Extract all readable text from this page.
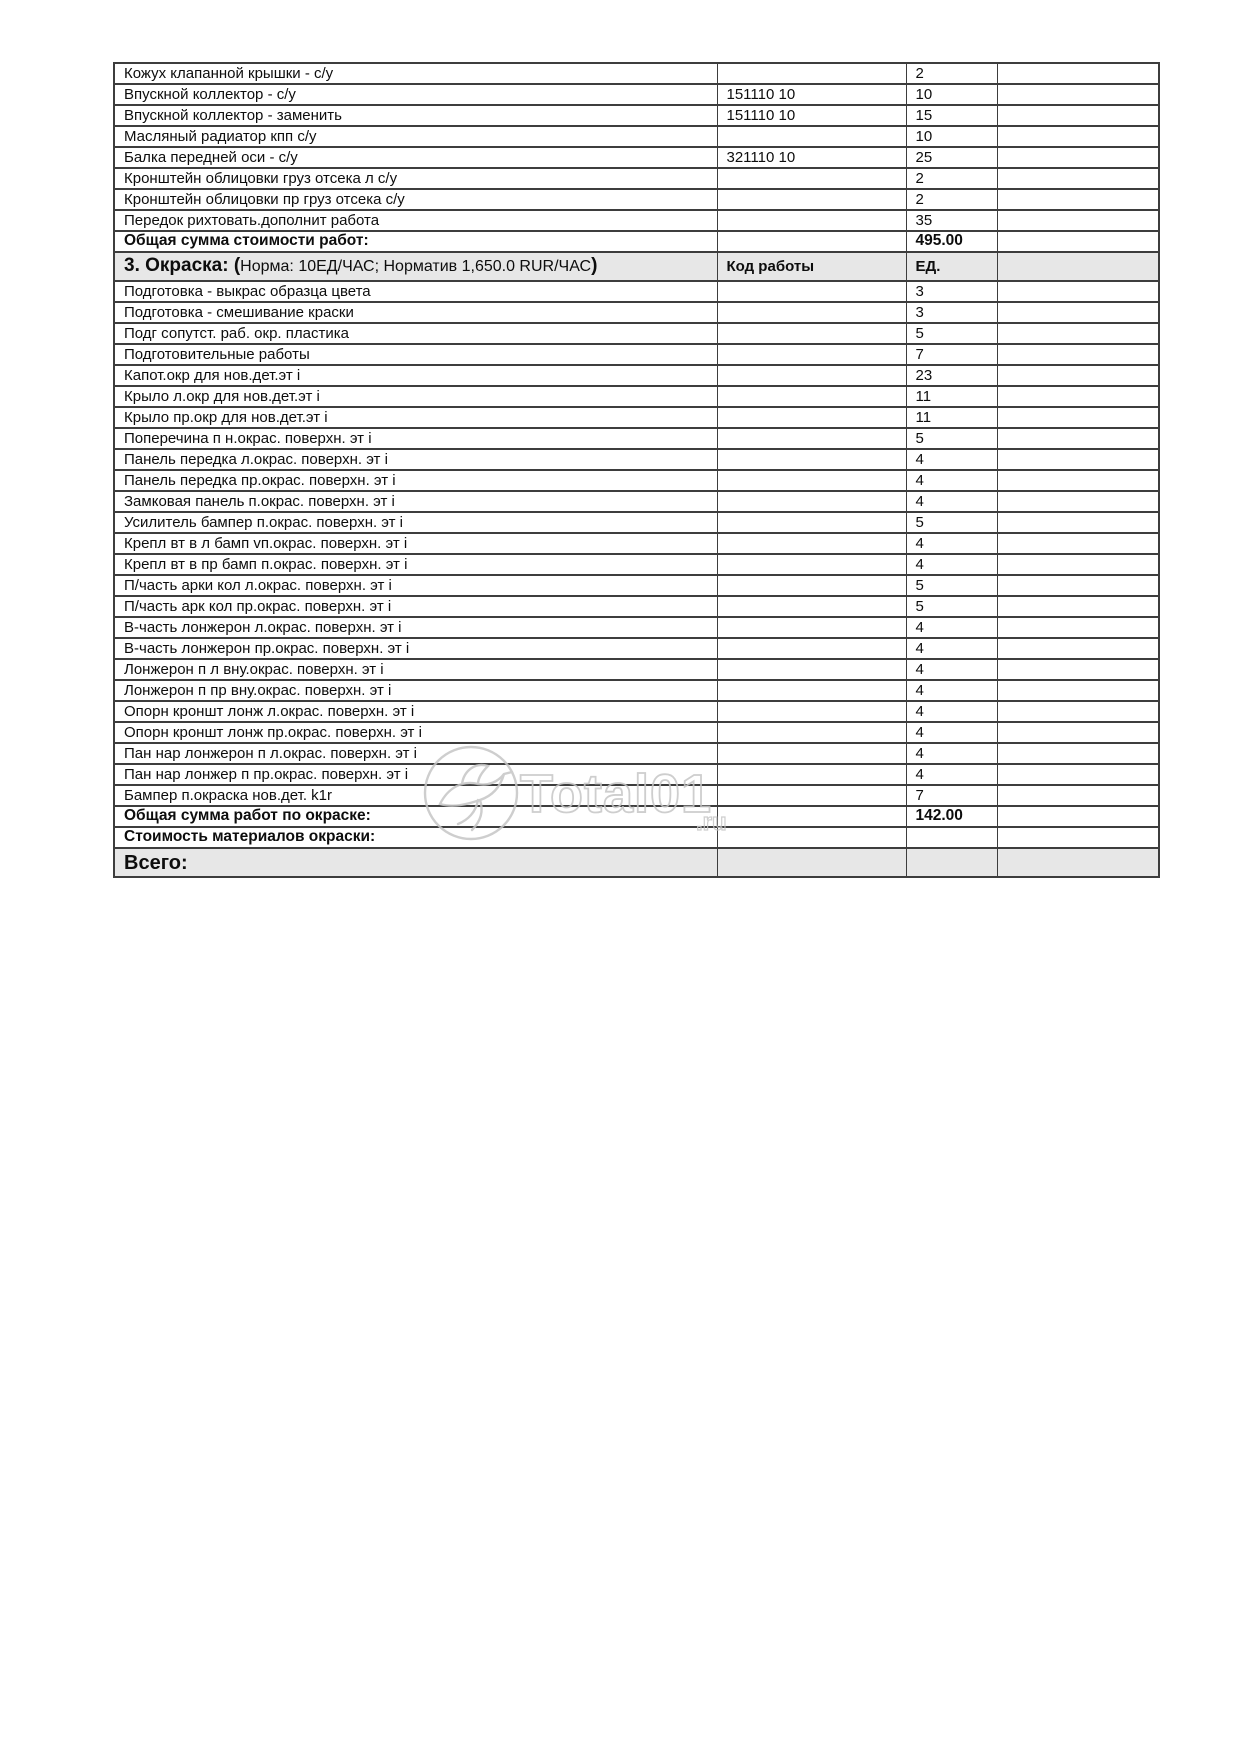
Кожух клапанной крышки - с/у		2	
Впускной коллектор - с/у	151110 10	10	
Впускной коллектор - заменить	151110 10	15	
Масляный радиатор кпп с/у		10	
Балка передней оси - с/у	321110 10	25	
Кронштейн облицовки груз отсека л с/у		2	
Кронштейн облицовки пр груз отсека с/у		2	
Передок рихтовать.дополнит работа		35	
Общая сумма стоимости работ:		495.00	
3. Окраска: (Норма: 10ЕД/ЧАС; Норматив 1,650.0 RUR/ЧАС)	Код работы	ЕД.	
Подготовка - выкрас образца цвета		3	
Подготовка - смешивание краски		3	
Подг сопутст. раб. окр. пластика		5	
Подготовительные работы		7	
Капот.окр для нов.дет.эт i		23	
Крыло л.окр для нов.дет.эт i		11	
Крыло пр.окр для нов.дет.эт i		11	
Поперечина п н.окрас. поверхн. эт i		5	
Панель передка л.окрас. поверхн. эт i		4	
Панель передка пр.окрас. поверхн. эт i		4	
Замковая панель п.окрас. поверхн. эт i		4	
Усилитель бампер п.окрас. поверхн. эт i		5	
Крепл вт в л бамп vп.окрас. поверхн. эт i		4	
Крепл вт в пр бамп п.окрас. поверхн. эт i		4	
П/часть арки кол л.окрас. поверхн. эт i		5	
П/часть арк кол пр.окрас. поверхн. эт i		5	
В-часть лонжерон л.окрас. поверхн. эт i		4	
В-часть лонжерон пр.окрас. поверхн. эт i		4	
Лонжерон п л вну.окрас. поверхн. эт i		4	
Лонжерон п пр вну.окрас. поверхн. эт i		4	
Опорн кроншт лонж л.окрас. поверхн. эт i		4	
Опорн кроншт лонж пр.окрас. поверхн. эт i		4	
Пан нар лонжерон п л.окрас. поверхн. эт i		4	
Пан нар лонжер п пр.окрас. поверхн. эт i		4	
Бампер п.окраска нов.дет. k1r		7	
Общая сумма работ по окраске:		142.00	
Стоимость материалов окраски:			
Всего:			
Total01
.ru
